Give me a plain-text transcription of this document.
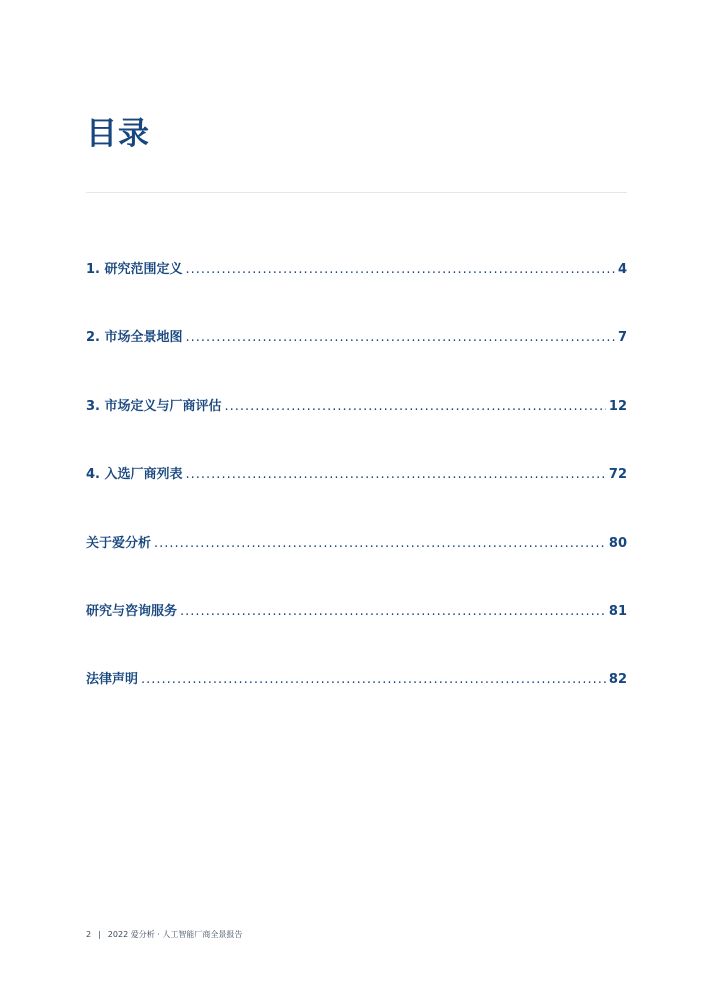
目录
1. 研究范围定义 .....	4
2. 市场全景地图 .....	7
3. 市场定义与厂商评估 .....	12
4. 入选厂商列表 .....	72
关于爱分析 .....	80
研究与咨询服务 .....	81
法律声明 .....	82
2 | 2022 爱分析 · 人工智能厂商全景报告
